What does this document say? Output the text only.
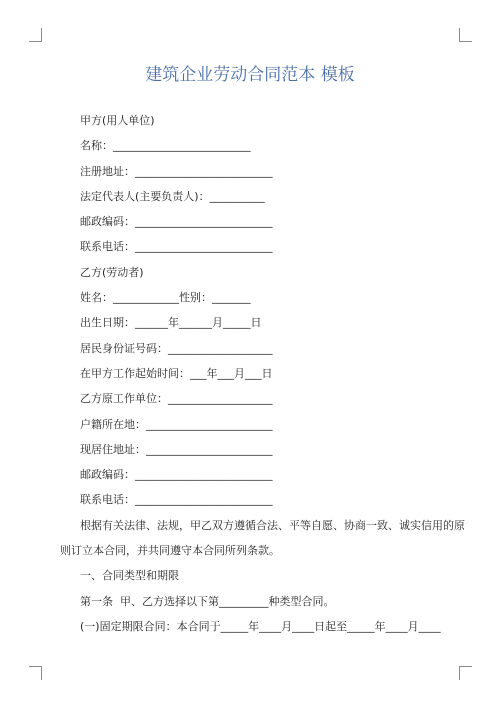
建筑企业劳动合同范本 模板
甲方(用人单位)
名称：_________________________
注册地址：_________________________
法定代表人(主要负责人)：__________
邮政编码：_________________________
联系电话：_________________________
乙方(劳动者)
姓名：____________性别：_______
出生日期：______年______月_____日
居民身份证号码：___________________
在甲方工作起始时间：___年___月___日
乙方原工作单位：___________________
户籍所在地：_______________________
现居住地址：_______________________
邮政编码：_________________________
联系电话：_________________________
根据有关法律、法规，甲乙双方遵循合法、平等自愿、协商一致、诚实信用的原
则订立本合同，并共同遵守本合同所列条款。
一、合同类型和期限
第一条  甲、乙方选择以下第_________种类型合同。
(一)固定期限合同：本合同于_____年____月____日起至_____年____月____
